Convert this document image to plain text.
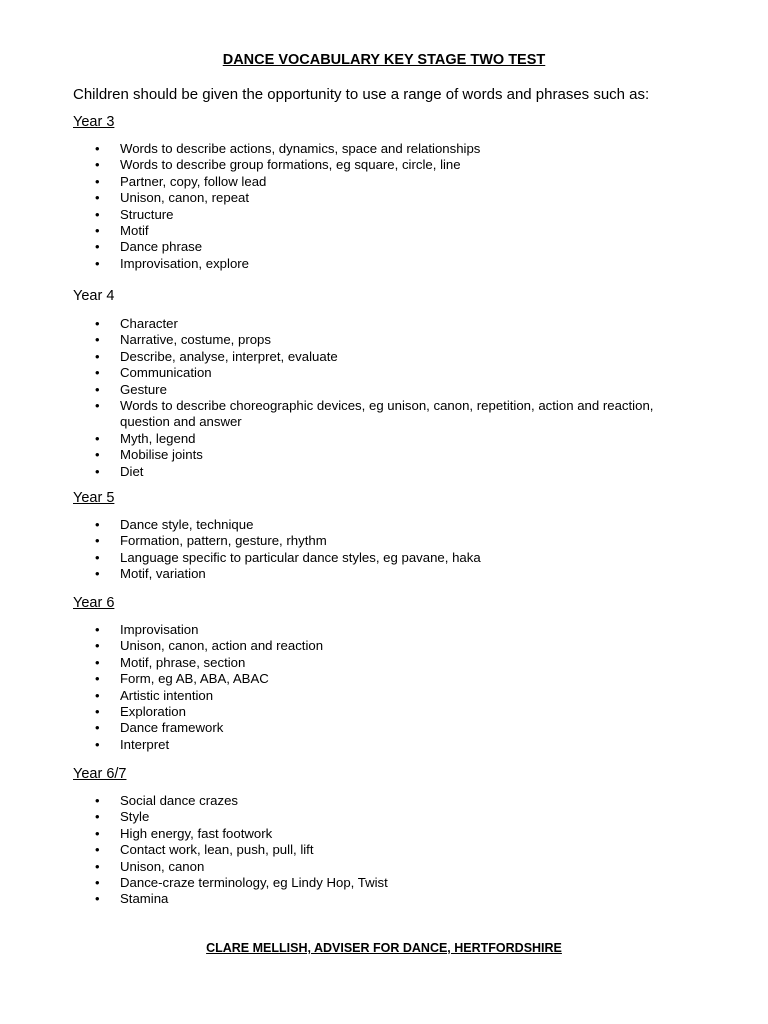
DANCE VOCABULARY KEY STAGE TWO TEST
Children should be given the opportunity to use a range of words and phrases such as:
Year 3
• Words to describe actions, dynamics, space and relationships
• Words to describe group formations, eg square, circle, line
• Partner, copy, follow lead
• Unison, canon, repeat
• Structure
• Motif
• Dance phrase
• Improvisation, explore
Year 4
• Character
• Narrative, costume, props
• Describe, analyse, interpret, evaluate
• Communication
• Gesture
• Words to describe choreographic devices, eg unison, canon, repetition, action and reaction, question and answer
• Myth, legend
• Mobilise joints
• Diet
Year 5
• Dance style, technique
• Formation, pattern, gesture, rhythm
• Language specific to particular dance styles, eg pavane, haka
• Motif, variation
Year 6
• Improvisation
• Unison, canon, action and reaction
• Motif, phrase, section
• Form, eg AB, ABA, ABAC
• Artistic intention
• Exploration
• Dance framework
• Interpret
Year 6/7
• Social dance crazes
• Style
• High energy, fast footwork
• Contact work, lean, push, pull, lift
• Unison, canon
• Dance-craze terminology, eg Lindy Hop, Twist
• Stamina
CLARE MELLISH, ADVISER FOR DANCE, HERTFORDSHIRE
